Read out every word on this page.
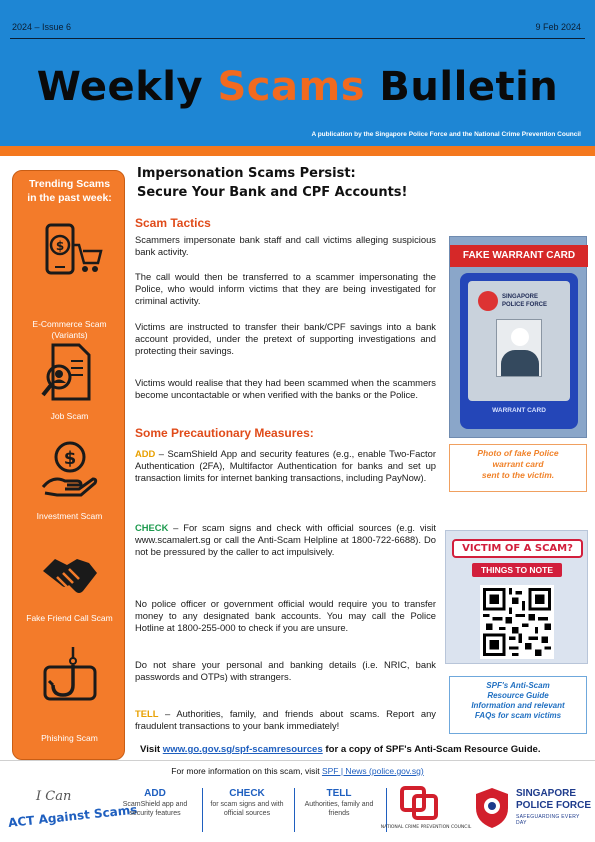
2024 – Issue 6	9 Feb 2024
Weekly Scams Bulletin
A publication by the Singapore Police Force and the National Crime Prevention Council
Trending Scams
in the past week:
$
E-Commerce Scam
(Variants)
Job Scam
$
Investment Scam
Fake Friend Call Scam
Phishing Scam
Impersonation Scams Persist:
Secure Your Bank and CPF Accounts!
Scam Tactics
Scammers impersonate bank staff and call victims alleging suspicious bank activity.
The call would then be transferred to a scammer impersonating the Police, who would inform victims that they are being investigated for criminal activity.
Victims are instructed to transfer their bank/CPF savings into a bank account provided, under the pretext of supporting investigations and protecting their savings.
Victims would realise that they had been scammed when the scammers become uncontactable or when verified with the banks or the Police.
Some Precautionary Measures:
ADD – ScamShield App and security features (e.g., enable Two-Factor Authentication (2FA), Multifactor Authentication for banks and set up transaction limits for internet banking transactions, including PayNow).
CHECK – For scam signs and check with official sources (e.g. visit www.scamalert.sg or call the Anti-Scam Helpline at 1800-722-6688). Do not be pressured by the caller to act impulsively.
No police officer or government official would require you to transfer money to any designated bank accounts. You may call the Police Hotline at 1800-255-000 to check if you are unsure.
Do not share your personal and banking details (i.e. NRIC, bank passwords and OTPs) with strangers.
TELL – Authorities, family, and friends about scams. Report any fraudulent transactions to your bank immediately!
FAKE WARRANT CARD
SINGAPORE
POLICE FORCE
WARRANT CARD
Photo of fake Police
warrant card
sent to the victim.
VICTIM OF A SCAM?
THINGS TO NOTE
SPF's Anti-Scam
Resource Guide
Information and relevant
FAQs for scam victims
Visit www.go.gov.sg/spf-scamresources for a copy of SPF's Anti-Scam Resource Guide.
For more information on this scam, visit SPF | News (police.gov.sg)
I Can
ACT Against Scams
ADD
ScamShield app and security features
CHECK
for scam signs and with official sources
TELL
Authorities, family and friends
NATIONAL CRIME PREVENTION COUNCIL
SINGAPORE
POLICE FORCE
SAFEGUARDING EVERY DAY
